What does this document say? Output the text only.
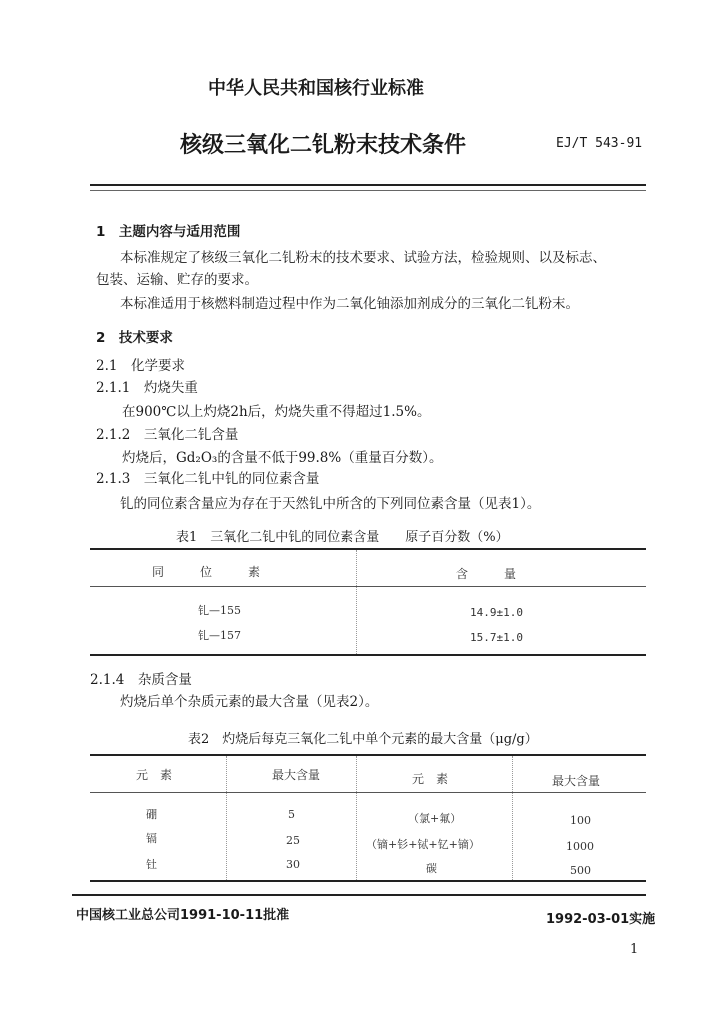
中华人民共和国核行业标准
核级三氧化二钆粉末技术条件	EJ/T 543-91
1　主题内容与适用范围
本标准规定了核级三氧化二钆粉末的技术要求、试验方法，检验规则、以及标志、
包装、运输、贮存的要求。
本标准适用于核燃料制造过程中作为二氧化铀添加剂成分的三氧化二钆粉末。
2　技术要求
2.1　化学要求
2.1.1　灼烧失重
在900℃以上灼烧2h后，灼烧失重不得超过1.5%。
2.1.2　三氧化二钆含量
灼烧后，Gd₂O₃的含量不低于99.8%（重量百分数）。
2.1.3　三氧化二钆中钆的同位素含量
钆的同位素含量应为存在于天然钆中所含的下列同位素含量（见表1）。
表1　三氧化二钆中钆的同位素含量　　原子百分数（%）
同　　　位　　　素	含　　　量
钆—155	14.9±1.0
钆—157	15.7±1.0
2.1.4　杂质含量
灼烧后单个杂质元素的最大含量（见表2）。
表2　灼烧后每克三氧化二钆中单个元素的最大含量（μg/g）
元　素	最大含量	元　素	最大含量
硼	5	（氯+氟）	100
镉	25	（镝+钐+铽+钇+镝）	1000
钍	30	碳	500
中国核工业总公司1991-10-11批准	1992-03-01实施
1
